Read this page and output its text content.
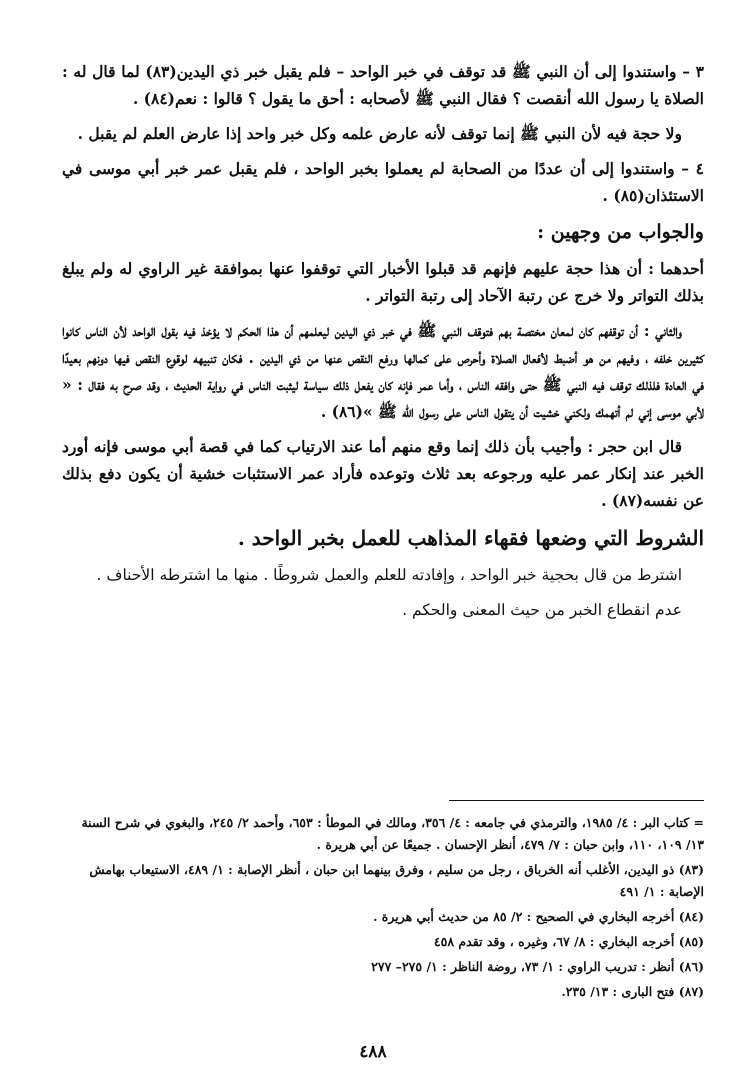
٣ – واستندوا إلى أن النبي ﷺ قد توقف في خبر الواحد – فلم يقبل خبر ذي اليدين(٨٣) لما قال له : الصلاة يا رسول الله أنقصت ؟ فقال النبي ﷺ لأصحابه : أحق ما يقول ؟ قالوا : نعم(٨٤) .

ولا حجة فيه لأن النبي ﷺ إنما توقف لأنه عارض علمه وكل خبر واحد إذا عارض العلم لم يقبل .

٤ – واستندوا إلى أن عددًا من الصحابة لم يعملوا بخبر الواحد ، فلم يقبل عمر خبر أبي موسى في الاستئذان(٨٥) .

والجواب من وجهين :

أحدهما : أن هذا حجة عليهم فإنهم قد قبلوا الأخبار التي توقفوا عنها بموافقة غير الراوي له ولم يبلغ بذلك التواتر ولا خرج عن رتبة الآحاد إلى رتبة التواتر .

والثاني : أن توقفهم كان لمعان مختصة بهم فتوقف النبي ﷺ في خبر ذي اليدين ليعلمهم أن هذا الحكم لا يؤخذ فيه بقول الواحد لأن الناس كانوا كثيرين خلفه ، وفيهم من هو أضبط لأفعال الصلاة وأحرص على كمالها ورفع النقص عنها من ذي اليدين . فكان تنبيهه لوقوع النقص فيها دونهم بعيدًا في العادة فلذلك توقف فيه النبي ﷺ حتى وافقه الناس ، وأما عمر فإنه كان يفعل ذلك سياسة ليثبت الناس في رواية الحديث ، وقد صرح به فقال : « لأبي موسى إني لم أتهمك ولكني خشيت أن يتقول الناس على رسول الله ﷺ »(٨٦) .

قال ابن حجر : وأجيب بأن ذلك إنما وقع منهم أما عند الارتياب كما في قصة أبي موسى فإنه أورد الخبر عند إنكار عمر عليه ورجوعه بعد ثلاث وتوعده فأراد عمر الاستثبات خشية أن يكون دفع بذلك عن نفسه(٨٧) .

الشروط التي وضعها فقهاء المذاهب للعمل بخبر الواحد .

اشترط من قال بحجية خبر الواحد ، وإفادته للعلم والعمل شروطًا . منها ما اشترطه الأحناف .

عدم انقطاع الخبر من حيث المعنى والحكم .

= كتاب البر : ٤/ ١٩٨٥، والترمذي في جامعه : ٤/ ٣٥٦، ومالك في الموطأ : ٦٥٣، وأحمد ٢/ ٢٤٥، والبغوي في شرح السنة ١٣/ ١٠٩، ١١٠، وابن حبان : ٧/ ٤٧٩، أنظر الإحسان . جميعًا عن أبي هريرة .

(٨٣) ذو اليدين، الأغلب أنه الخرباق ، رجل من سليم ، وفرق بينهما ابن حبان ، أنظر الإصابة : ١/ ٤٨٩، الاستيعاب بهامش الإصابة : ١/ ٤٩١

(٨٤) أخرجه البخاري في الصحيح : ٢/ ٨٥ من حديث أبي هريرة .

(٨٥) أخرجه البخاري : ٨/ ٦٧، وغيره ، وقد تقدم ٤٥٨

(٨٦) أنظر : تدريب الراوي : ١/ ٧٣، روضة الناظر : ١/ ٢٧٥– ٢٧٧

(٨٧) فتح البارى : ١٣/ ٢٣٥.

٤٨٨
